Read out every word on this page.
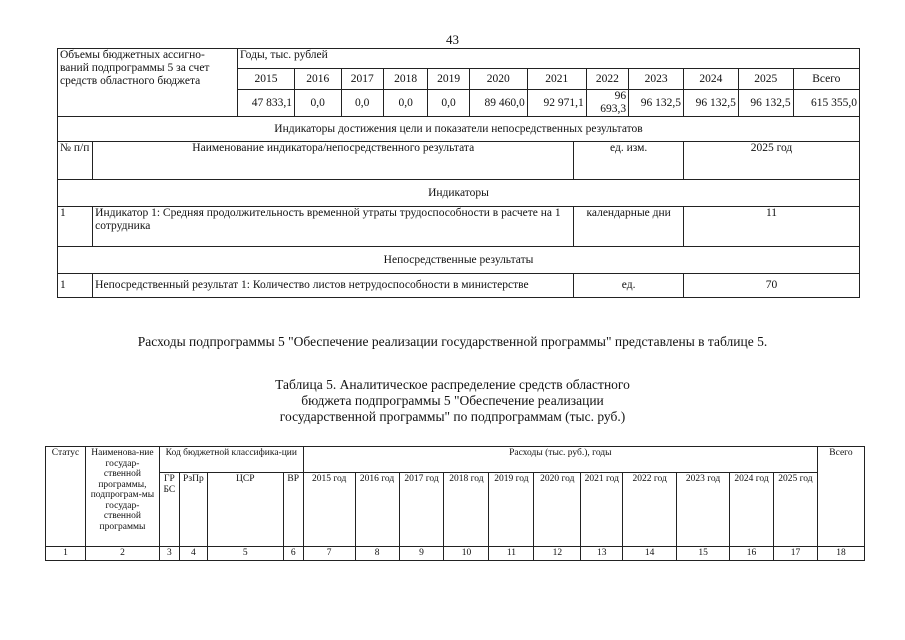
43
Объемы бюджетных ассигно-
ваний подпрограммы 5 за счет
средств областного бюджета		Годы, тыс. рублей												
		2015	2016	2017	2018	2019	2020	2021		2022	2023	2024	2025	Всего
		47 833,1	0,0	0,0	0,0	0,0	89 460,0	92 971,1		96 693,3	96 132,5	96 132,5	96 132,5	615 355,0
Индикаторы достижения цели и показатели непосредственных результатов														
№ п/п	Наименование индикатора/непосредственного результата								ед. изм.			2025 год		
Индикаторы														
1	Индикатор 1: Средняя продолжительность временной утраты трудоспособности в расчете на 1 сотрудника								календарные дни			11		
Непосредственные результаты														
1	Непосредственный результат 1: Количество листов нетрудоспособности в министерстве								ед.			70		
Расходы подпрограммы 5 "Обеспечение реализации государственной программы" представлены в таблице 5.
Таблица 5. Аналитическое распределение средств областного
бюджета подпрограммы 5 "Обеспечение реализации
государственной программы" по подпрограммам (тыс. руб.)
Статус	Наименова-ние государ-ственной программы, подпрограм-мы государ-ственной программы	Код бюджетной классифика-ции				Расходы (тыс. руб.), годы											Всего
		ГР БС	РзПр	ЦСР	ВР	2015 год	2016 год	2017 год	2018 год	2019 год	2020 год	2021 год	2022 год	2023 год	2024 год	2025 год	
1	2	3	4	5	6	7	8	9	10	11	12	13	14	15	16	17	18
